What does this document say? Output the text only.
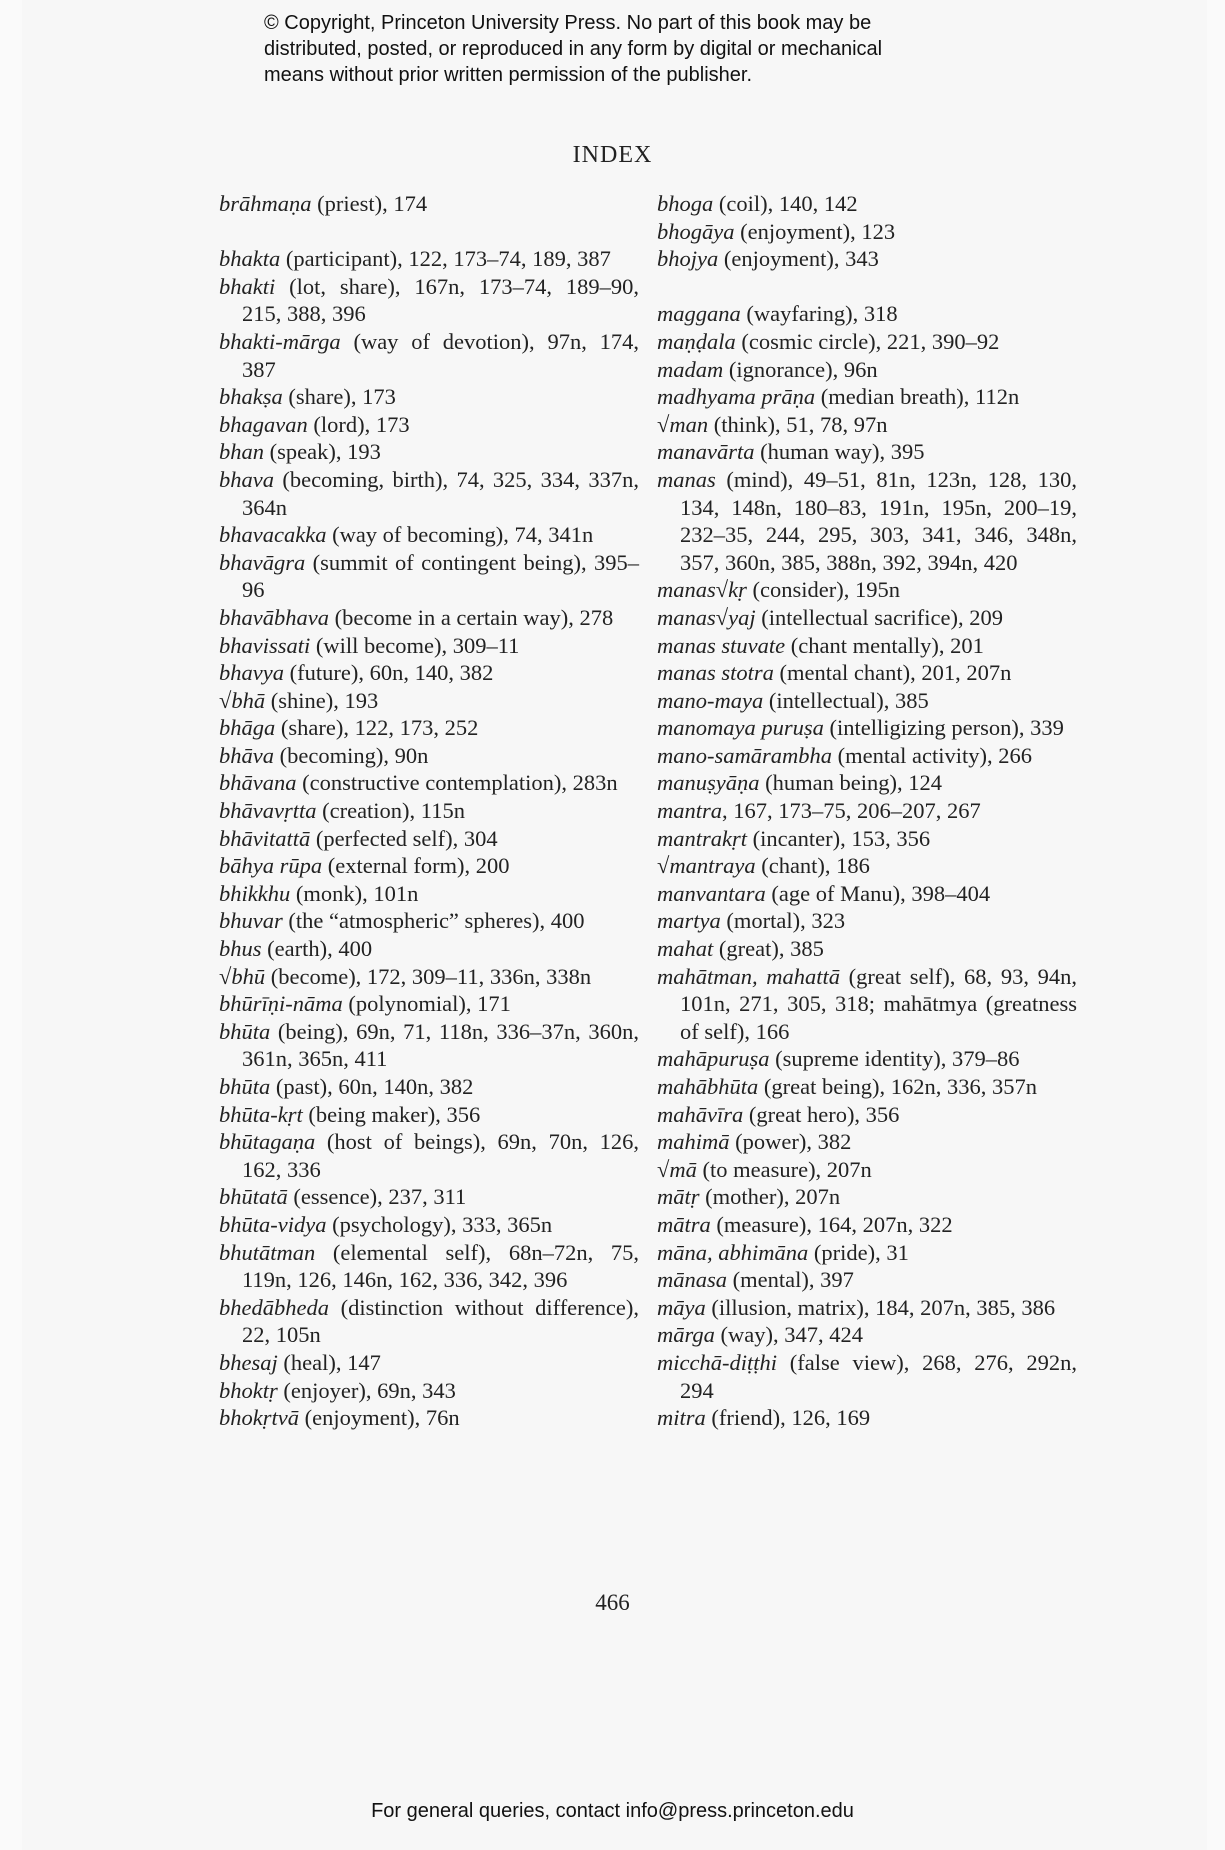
© Copyright, Princeton University Press. No part of this book may be
distributed, posted, or reproduced in any form by digital or mechanical
means without prior written permission of the publisher.
INDEX
brāhmaṇa (priest), 174
bhakta (participant), 122, 173–74, 189, 387
bhakti (lot, share), 167n, 173–74, 189–90, 215, 388, 396
bhakti-mārga (way of devotion), 97n, 174, 387
bhakṣa (share), 173
bhagavan (lord), 173
bhan (speak), 193
bhava (becoming, birth), 74, 325, 334, 337n, 364n
bhavacakka (way of becoming), 74, 341n
bhavāgra (summit of contingent being), 395–96
bhavābhava (become in a certain way), 278
bhavissati (will become), 309–11
bhavya (future), 60n, 140, 382
√bhā (shine), 193
bhāga (share), 122, 173, 252
bhāva (becoming), 90n
bhāvana (constructive contemplation), 283n
bhāvavṛtta (creation), 115n
bhāvitattā (perfected self), 304
bāhya rūpa (external form), 200
bhikkhu (monk), 101n
bhuvar (the “atmospheric” spheres), 400
bhus (earth), 400
√bhū (become), 172, 309–11, 336n, 338n
bhūrīṇi-nāma (polynomial), 171
bhūta (being), 69n, 71, 118n, 336–37n, 360n, 361n, 365n, 411
bhūta (past), 60n, 140n, 382
bhūta-kṛt (being maker), 356
bhūtagaṇa (host of beings), 69n, 70n, 126, 162, 336
bhūtatā (essence), 237, 311
bhūta-vidya (psychology), 333, 365n
bhutātman (elemental self), 68n–72n, 75, 119n, 126, 146n, 162, 336, 342, 396
bhedābheda (distinction without difference), 22, 105n
bhesaj (heal), 147
bhoktṛ (enjoyer), 69n, 343
bhokṛtvā (enjoyment), 76n
bhoga (coil), 140, 142
bhogāya (enjoyment), 123
bhojya (enjoyment), 343
maggana (wayfaring), 318
maṇḍala (cosmic circle), 221, 390–92
madam (ignorance), 96n
madhyama prāṇa (median breath), 112n
√man (think), 51, 78, 97n
manavārta (human way), 395
manas (mind), 49–51, 81n, 123n, 128, 130, 134, 148n, 180–83, 191n, 195n, 200–19, 232–35, 244, 295, 303, 341, 346, 348n, 357, 360n, 385, 388n, 392, 394n, 420
manas√kṛ (consider), 195n
manas√yaj (intellectual sacrifice), 209
manas stuvate (chant mentally), 201
manas stotra (mental chant), 201, 207n
mano-maya (intellectual), 385
manomaya puruṣa (intelligizing person), 339
mano-samārambha (mental activity), 266
manuṣyāṇa (human being), 124
mantra, 167, 173–75, 206–207, 267
mantrakṛt (incanter), 153, 356
√mantraya (chant), 186
manvantara (age of Manu), 398–404
martya (mortal), 323
mahat (great), 385
mahātman, mahattā (great self), 68, 93, 94n, 101n, 271, 305, 318; mahātmya (greatness of self), 166
mahāpuruṣa (supreme identity), 379–86
mahābhūta (great being), 162n, 336, 357n
mahāvīra (great hero), 356
mahimā (power), 382
√mā (to measure), 207n
mātṛ (mother), 207n
mātra (measure), 164, 207n, 322
māna, abhimāna (pride), 31
mānasa (mental), 397
māya (illusion, matrix), 184, 207n, 385, 386
mārga (way), 347, 424
micchā-diṭṭhi (false view), 268, 276, 292n, 294
mitra (friend), 126, 169
466
For general queries, contact info@press.princeton.edu
